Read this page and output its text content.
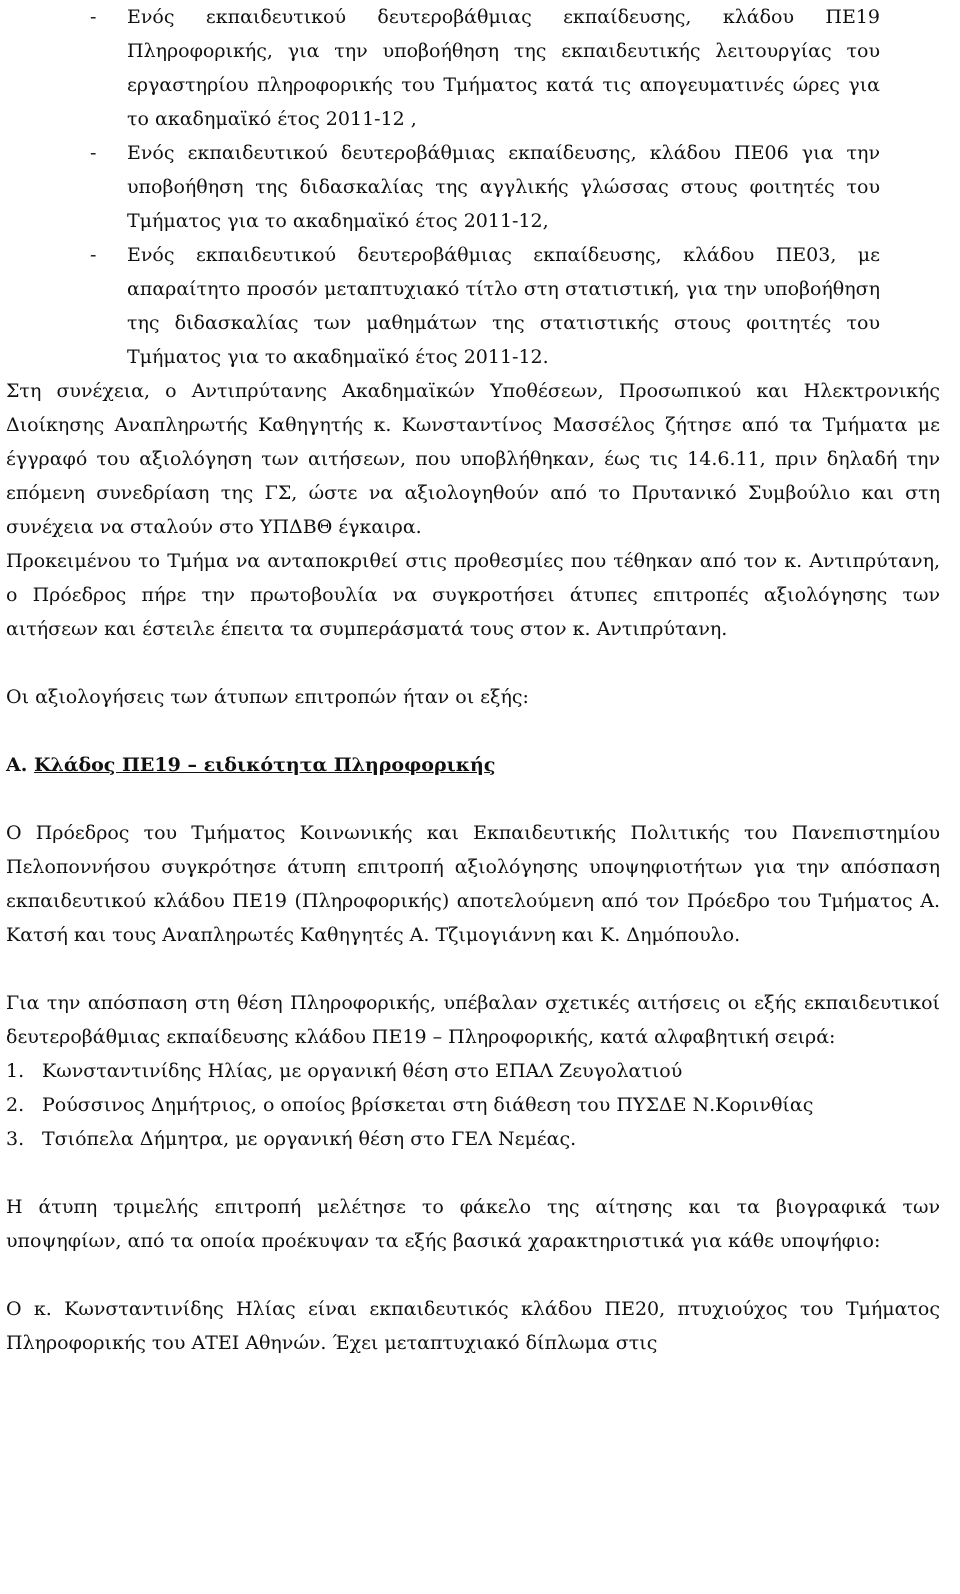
- Ενός εκπαιδευτικού δευτεροβάθμιας εκπαίδευσης, κλάδου ΠΕ19 Πληροφορικής, για την υποβοήθηση της εκπαιδευτικής λειτουργίας του εργαστηρίου πληροφορικής του Τμήματος κατά τις απογευματινές ώρες για το ακαδημαϊκό έτος 2011-12 ,

- Ενός εκπαιδευτικού δευτεροβάθμιας εκπαίδευσης, κλάδου ΠΕ06 για την υποβοήθηση της διδασκαλίας της αγγλικής γλώσσας στους φοιτητές του Τμήματος για το ακαδημαϊκό έτος 2011-12,

- Ενός εκπαιδευτικού δευτεροβάθμιας εκπαίδευσης, κλάδου ΠΕ03, με απαραίτητο προσόν μεταπτυχιακό τίτλο στη στατιστική, για την υποβοήθηση της διδασκαλίας των μαθημάτων της στατιστικής στους φοιτητές του Τμήματος για το ακαδημαϊκό έτος 2011-12.

Στη συνέχεια, ο Αντιπρύτανης Ακαδημαϊκών Υποθέσεων, Προσωπικού και Ηλεκτρονικής Διοίκησης Αναπληρωτής Καθηγητής κ. Κωνσταντίνος Μασσέλος ζήτησε από τα Τμήματα με έγγραφό του αξιολόγηση των αιτήσεων, που υποβλήθηκαν, έως τις 14.6.11, πριν δηλαδή την επόμενη συνεδρίαση της ΓΣ, ώστε να αξιολογηθούν από το Πρυτανικό Συμβούλιο και στη συνέχεια να σταλούν στο ΥΠΔΒΘ έγκαιρα.

Προκειμένου το Τμήμα να ανταποκριθεί στις προθεσμίες που τέθηκαν από τον κ. Αντιπρύτανη, ο Πρόεδρος πήρε την πρωτοβουλία να συγκροτήσει άτυπες επιτροπές αξιολόγησης των αιτήσεων και έστειλε έπειτα τα συμπεράσματά τους στον κ. Αντιπρύτανη.

Οι αξιολογήσεις των άτυπων επιτροπών ήταν οι εξής:

Α. Κλάδος ΠΕ19 – ειδικότητα Πληροφορικής

Ο Πρόεδρος του Τμήματος Κοινωνικής και Εκπαιδευτικής Πολιτικής του Πανεπιστημίου Πελοποννήσου συγκρότησε άτυπη επιτροπή αξιολόγησης υποψηφιοτήτων για την απόσπαση εκπαιδευτικού κλάδου ΠΕ19 (Πληροφορικής) αποτελούμενη από τον Πρόεδρο του Τμήματος Α. Κατσή και τους Αναπληρωτές Καθηγητές Α. Τζιμογιάννη και Κ. Δημόπουλο.

Για την απόσπαση στη θέση Πληροφορικής, υπέβαλαν σχετικές αιτήσεις οι εξής εκπαιδευτικοί δευτεροβάθμιας εκπαίδευσης κλάδου ΠΕ19 – Πληροφορικής, κατά αλφαβητική σειρά:

1. Κωνσταντινίδης Ηλίας, με οργανική θέση στο ΕΠΑΛ Ζευγολατιού
2. Ρούσσινος Δημήτριος, ο οποίος βρίσκεται στη διάθεση του ΠΥΣΔΕ Ν.Κορινθίας
3. Τσιόπελα Δήμητρα, με οργανική θέση στο ΓΕΛ Νεμέας.

Η άτυπη τριμελής επιτροπή μελέτησε το φάκελο της αίτησης και τα βιογραφικά των υποψηφίων, από τα οποία προέκυψαν τα εξής βασικά χαρακτηριστικά για κάθε υποψήφιο:

Ο κ. Κωνσταντινίδης Ηλίας είναι εκπαιδευτικός κλάδου ΠΕ20, πτυχιούχος του Τμήματος Πληροφορικής του ΑΤΕΙ Αθηνών. Έχει μεταπτυχιακό δίπλωμα στις
